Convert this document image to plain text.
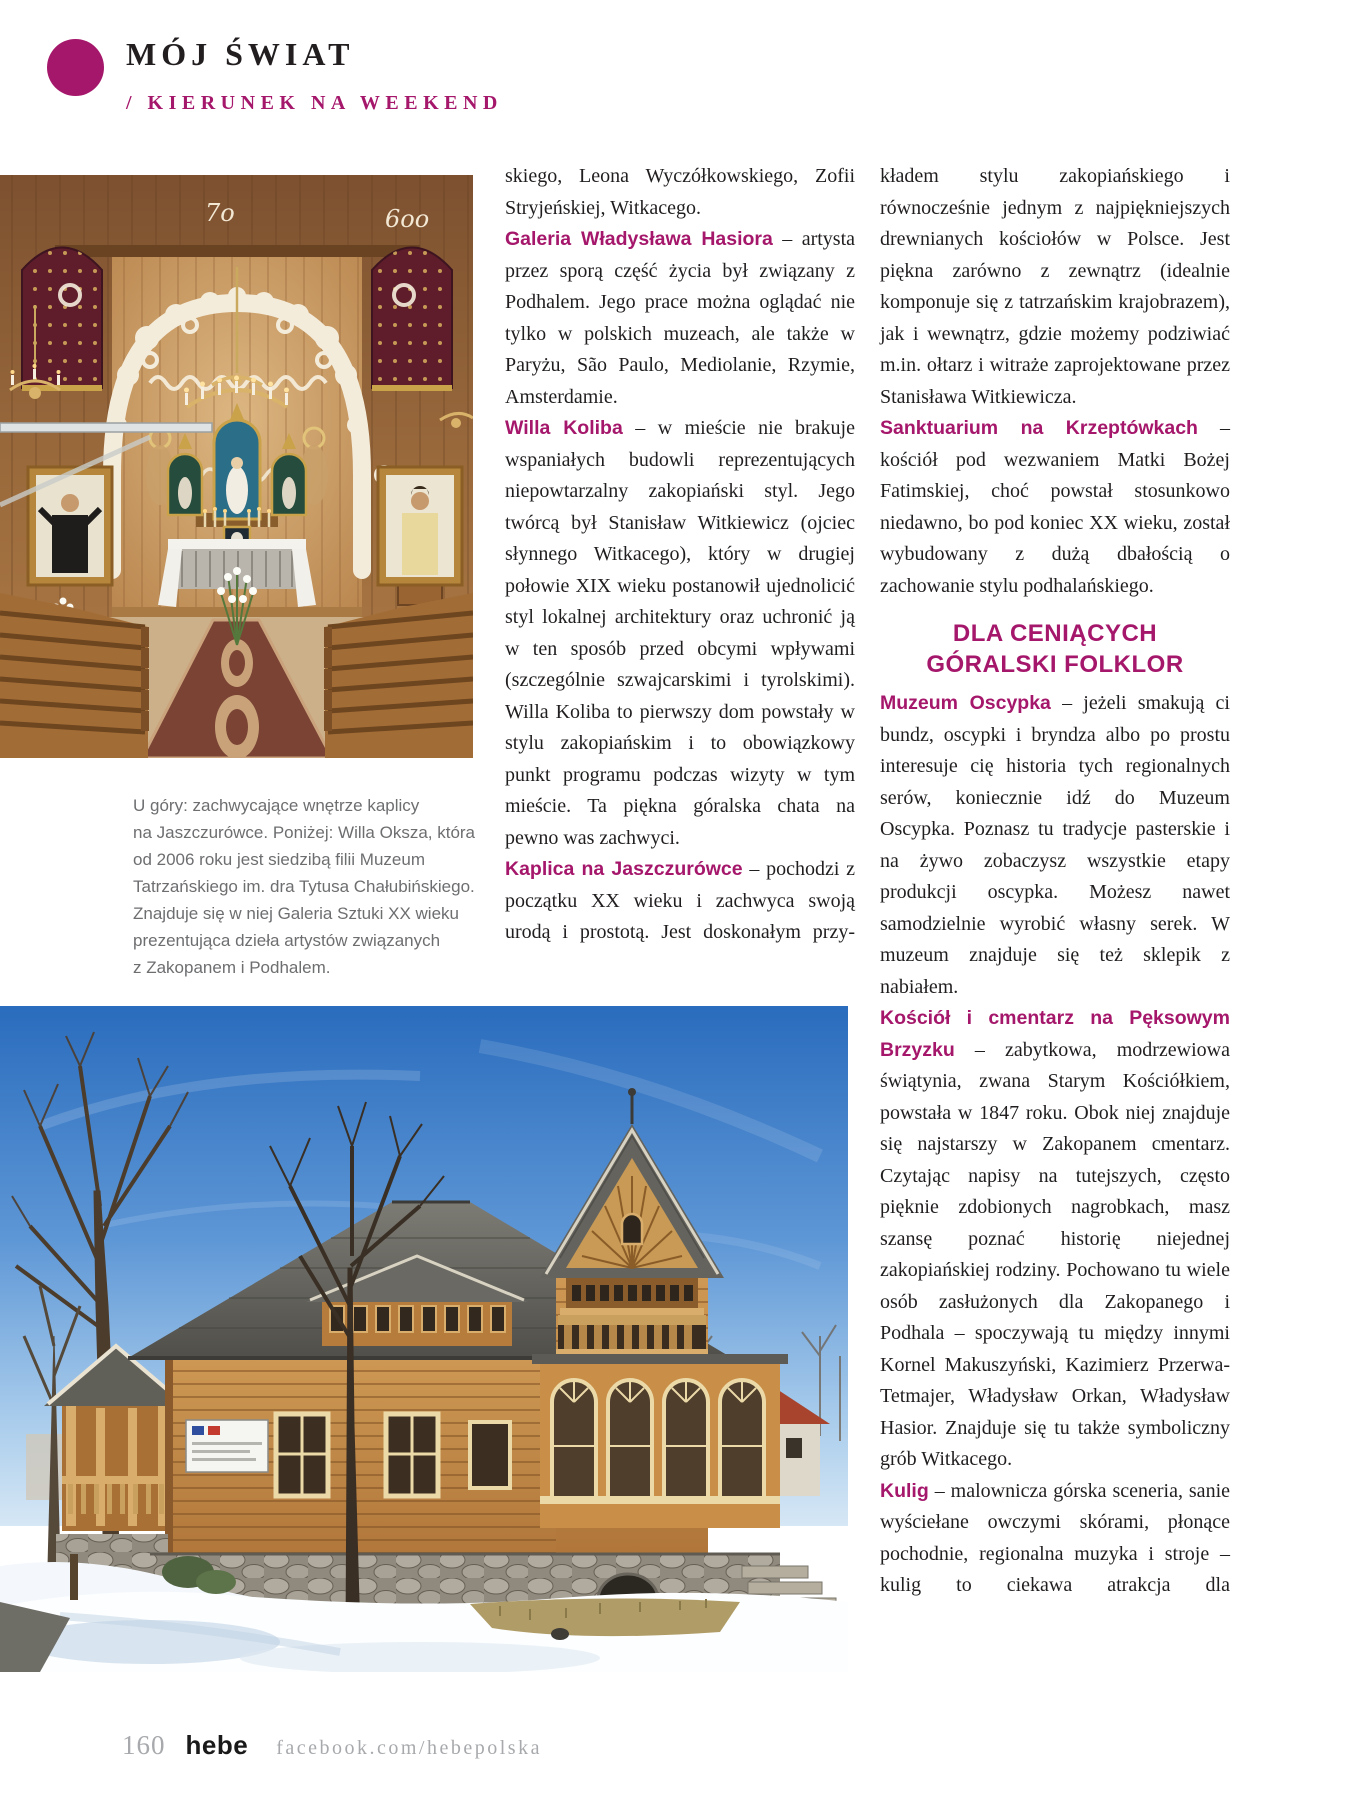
MÓJ ŚWIAT
/ KIERUNEK NA WEEKEND
7o	6oo
U góry: zachwycające wnętrze kaplicy
na Jaszczurówce. Poniżej: Willa Oksza, która
od 2006 roku jest siedzibą filii Muzeum
Tatrzańskiego im. dra Tytusa Chałubińskiego.
Znajduje się w niej Galeria Sztuki XX wieku
prezentująca dzieła artystów związanych
z Zakopanem i Podhalem.

skiego, Leona Wyczółkowskiego, Zofii Stryjeńskiej, Witkacego.

Galeria Władysława Hasiora – artysta przez sporą część życia był związany z Podhalem. Jego prace można oglądać nie tylko w polskich muzeach, ale także w Paryżu, São Paulo, Mediolanie, Rzymie, Amsterdamie.

Willa Koliba – w mieście nie brakuje wspaniałych budowli reprezentujących niepowtarzalny zakopiański styl. Jego twórcą był Stanisław Witkiewicz (ojciec słynnego Witkacego), który w drugiej połowie XIX wieku postanowił ujednolicić styl lokalnej architektury oraz uchronić ją w ten sposób przed obcymi wpływami (szczególnie szwajcarskimi i tyrolskimi). Willa Koliba to pierwszy dom powstały w stylu zakopiańskim i to obowiązkowy punkt programu podczas wizyty w tym mieście. Ta piękna góralska chata na pewno was zachwyci.

Kaplica na Jaszczurówce – pochodzi z początku XX wieku i zachwyca swoją urodą i prostotą. Jest doskonałym przy-

kładem stylu zakopiańskiego i równocześnie jednym z najpiękniejszych drewnianych kościołów w Polsce. Jest piękna zarówno z zewnątrz (idealnie komponuje się z tatrzańskim krajobrazem), jak i wewnątrz, gdzie możemy podziwiać m.in. ołtarz i witraże zaprojektowane przez Stanisława Witkiewicza.

Sanktuarium na Krzeptówkach – kościół pod wezwaniem Matki Bożej Fatimskiej, choć powstał stosunkowo niedawno, bo pod koniec XX wieku, został wybudowany z dużą dbałością o zachowanie stylu podhalańskiego.

DLA CENIĄCYCH
GÓRALSKI FOLKLOR

Muzeum Oscypka – jeżeli smakują ci bundz, oscypki i bryndza albo po prostu interesuje cię historia tych regionalnych serów, koniecznie idź do Muzeum Oscypka. Poznasz tu tradycje pasterskie i na żywo zobaczysz wszystkie etapy produkcji oscypka. Możesz nawet samodzielnie wyrobić własny serek. W muzeum znajduje się też sklepik z nabiałem.

Kościół i cmentarz na Pęksowym Brzyzku – zabytkowa, modrzewiowa świątynia, zwana Starym Kościółkiem, powstała w 1847 roku. Obok niej znajduje się najstarszy w Zakopanem cmentarz. Czytając napisy na tutejszych, często pięknie zdobionych nagrobkach, masz szansę poznać historię niejednej zakopiańskiej rodziny. Pochowano tu wiele osób zasłużonych dla Zakopanego i Podhala – spoczywają tu między innymi Kornel Makuszyński, Kazimierz Przerwa-Tetmajer, Władysław Orkan, Władysław Hasior. Znajduje się tu także symboliczny grób Witkacego.

Kulig – malownicza górska sceneria, sanie wyściełane owczymi skórami, płonące pochodnie, regionalna muzyka i stroje – kulig to ciekawa atrakcja dla

160 hebe facebook.com/hebepolska
